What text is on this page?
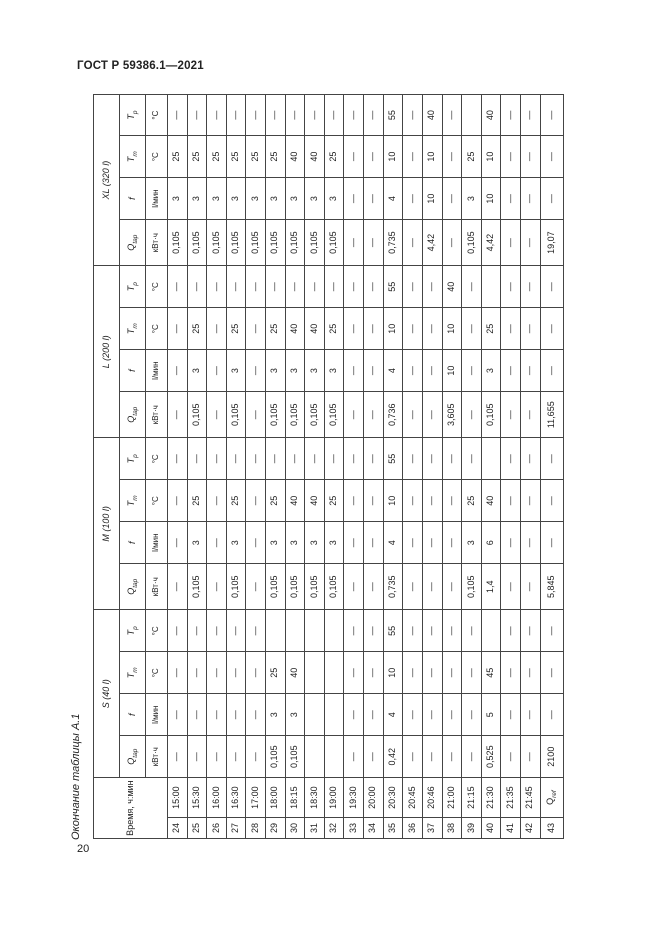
ГОСТ Р 59386.1—2021
Окончание таблицы А.1
20
Время, ч:мин		S (40 l)				M (100 l)				L (200 l)				XL (320 l)			
		$Q_{tap}$	f	$T_m$	$T_p$	$Q_{tap}$	f	$T_m$	$T_p$	$Q_{tap}$	f	$T_m$	$T_p$	$Q_{tap}$	f	$T_m$	$T_p$
		кВт·ч	l/мин	°C	°C	кВт·ч	l/мин	°C	°C	кВт·ч	l/мин	°C	°C	кВт·ч	l/мин	°C	°C
24	15:00	—	—	—	—	—	—	—	—	—	—	—	—	0,105	3	25	—
25	15:30	—	—	—	—	0,105	3	25	—	0,105	3	25	—	0,105	3	25	—
26	16:00	—	—	—	—	—	—	—	—	—	—	—	—	0,105	3	25	—
27	16:30	—	—	—	—	0,105	3	25	—	0,105	3	25	—	0,105	3	25	—
28	17:00	—	—	—	—	—	—	—	—	—	—	—	—	0,105	3	25	—
29	18:00	0,105	3	25		0,105	3	25	—	0,105	3	25	—	0,105	3	25	—
30	18:15	0,105	3	40		0,105	3	40	—	0,105	3	40	—	0,105	3	40	—
31	18:30					0,105	3	40	—	0,105	3	40	—	0,105	3	40	—
32	19:00					0,105	3	25	—	0,105	3	25	—	0,105	3	25	—
33	19:30	—	—	—	—	—	—	—	—	—	—	—	—	—	—	—	—
34	20:00	—	—	—	—	—	—	—	—	—	—	—	—	—	—	—	—
35	20:30	0,42	4	10	55	0,735	4	10	55	0,736	4	10	55	0,735	4	10	55
36	20:45	—	—	—	—	—	—	—	—	—	—	—	—	—	—	—	—
37	20:46	—	—	—	—	—	—	—	—	—	—	—	—	4,42	10	10	40
38	21:00	—	—	—	—	—	—	—	—	3,605	10	10	40	—	—	—	—
39	21:15	—	—	—	—	0,105	3	25	—	—	—	—	—	0,105	3	25	
40	21:30	0,525	5	45		1,4	6	40		0,105	3	25		4,42	10	10	40
41	21:35	—	—	—	—	—	—	—	—	—	—	—	—	—	—	—	—
42	21:45	—	—	—	—	—	—	—	—	—	—	—	—	—	—	—	—
43	$Q_{ref}$	2100	—	—	—	5,845	—	—	—	11,655	—	—	—	19,07	—	—	—
